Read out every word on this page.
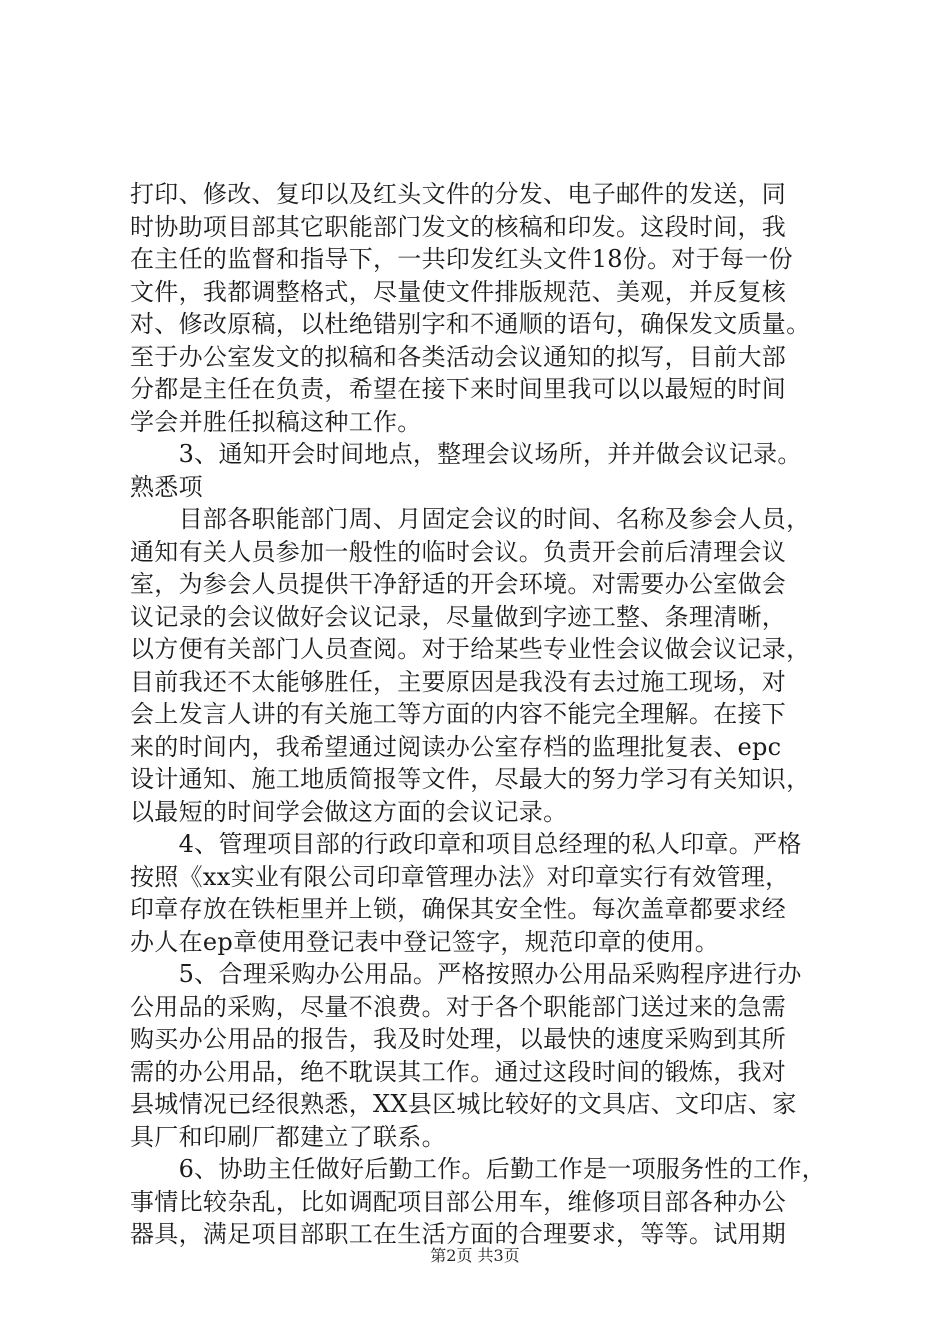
打印、修改、复印以及红头文件的分发、电子邮件的发送，同
时协助项目部其它职能部门发文的核稿和印发。这段时间，我
在主任的监督和指导下，一共印发红头文件18份。对于每一份
文件，我都调整格式，尽量使文件排版规范、美观，并反复核
对、修改原稿，以杜绝错别字和不通顺的语句，确保发文质量。
至于办公室发文的拟稿和各类活动会议通知的拟写，目前大部
分都是主任在负责，希望在接下来时间里我可以以最短的时间
学会并胜任拟稿这种工作。
　　3、通知开会时间地点，整理会议场所，并并做会议记录。
熟悉项
　　目部各职能部门周、月固定会议的时间、名称及参会人员，
通知有关人员参加一般性的临时会议。负责开会前后清理会议
室，为参会人员提供干净舒适的开会环境。对需要办公室做会
议记录的会议做好会议记录，尽量做到字迹工整、条理清晰，
以方便有关部门人员查阅。对于给某些专业性会议做会议记录，
目前我还不太能够胜任，主要原因是我没有去过施工现场，对
会上发言人讲的有关施工等方面的内容不能完全理解。在接下
来的时间内，我希望通过阅读办公室存档的监理批复表、epc
设计通知、施工地质简报等文件，尽最大的努力学习有关知识，
以最短的时间学会做这方面的会议记录。
　　4、管理项目部的行政印章和项目总经理的私人印章。严格
按照《xx实业有限公司印章管理办法》对印章实行有效管理，
印章存放在铁柜里并上锁，确保其安全性。每次盖章都要求经
办人在ep章使用登记表中登记签字，规范印章的使用。
　　5、合理采购办公用品。严格按照办公用品采购程序进行办
公用品的采购，尽量不浪费。对于各个职能部门送过来的急需
购买办公用品的报告，我及时处理，以最快的速度采购到其所
需的办公用品，绝不耽误其工作。通过这段时间的锻炼，我对
县城情况已经很熟悉，XX县区城比较好的文具店、文印店、家
具厂和印刷厂都建立了联系。
　　6、协助主任做好后勤工作。后勤工作是一项服务性的工作，
事情比较杂乱，比如调配项目部公用车，维修项目部各种办公
器具，满足项目部职工在生活方面的合理要求，等等。试用期
第2页 共3页
